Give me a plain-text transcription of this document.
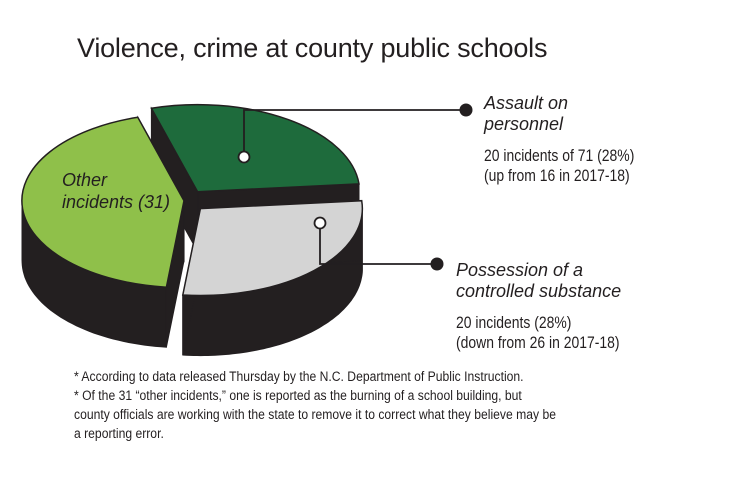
Violence, crime at county public schools
Other incidents (31)
Assault on
personnel
20 incidents of 71 (28%)
(up from 16 in 2017-18)
Possession of a
controlled substance
20 incidents (28%)
(down from 26 in 2017-18)
* According to data released Thursday by the N.C. Department of Public Instruction.
* Of the 31 “other incidents,” one is reported as the burning of a school building, but
county officials are working with the state to remove it to correct what they believe may be
a reporting error.
